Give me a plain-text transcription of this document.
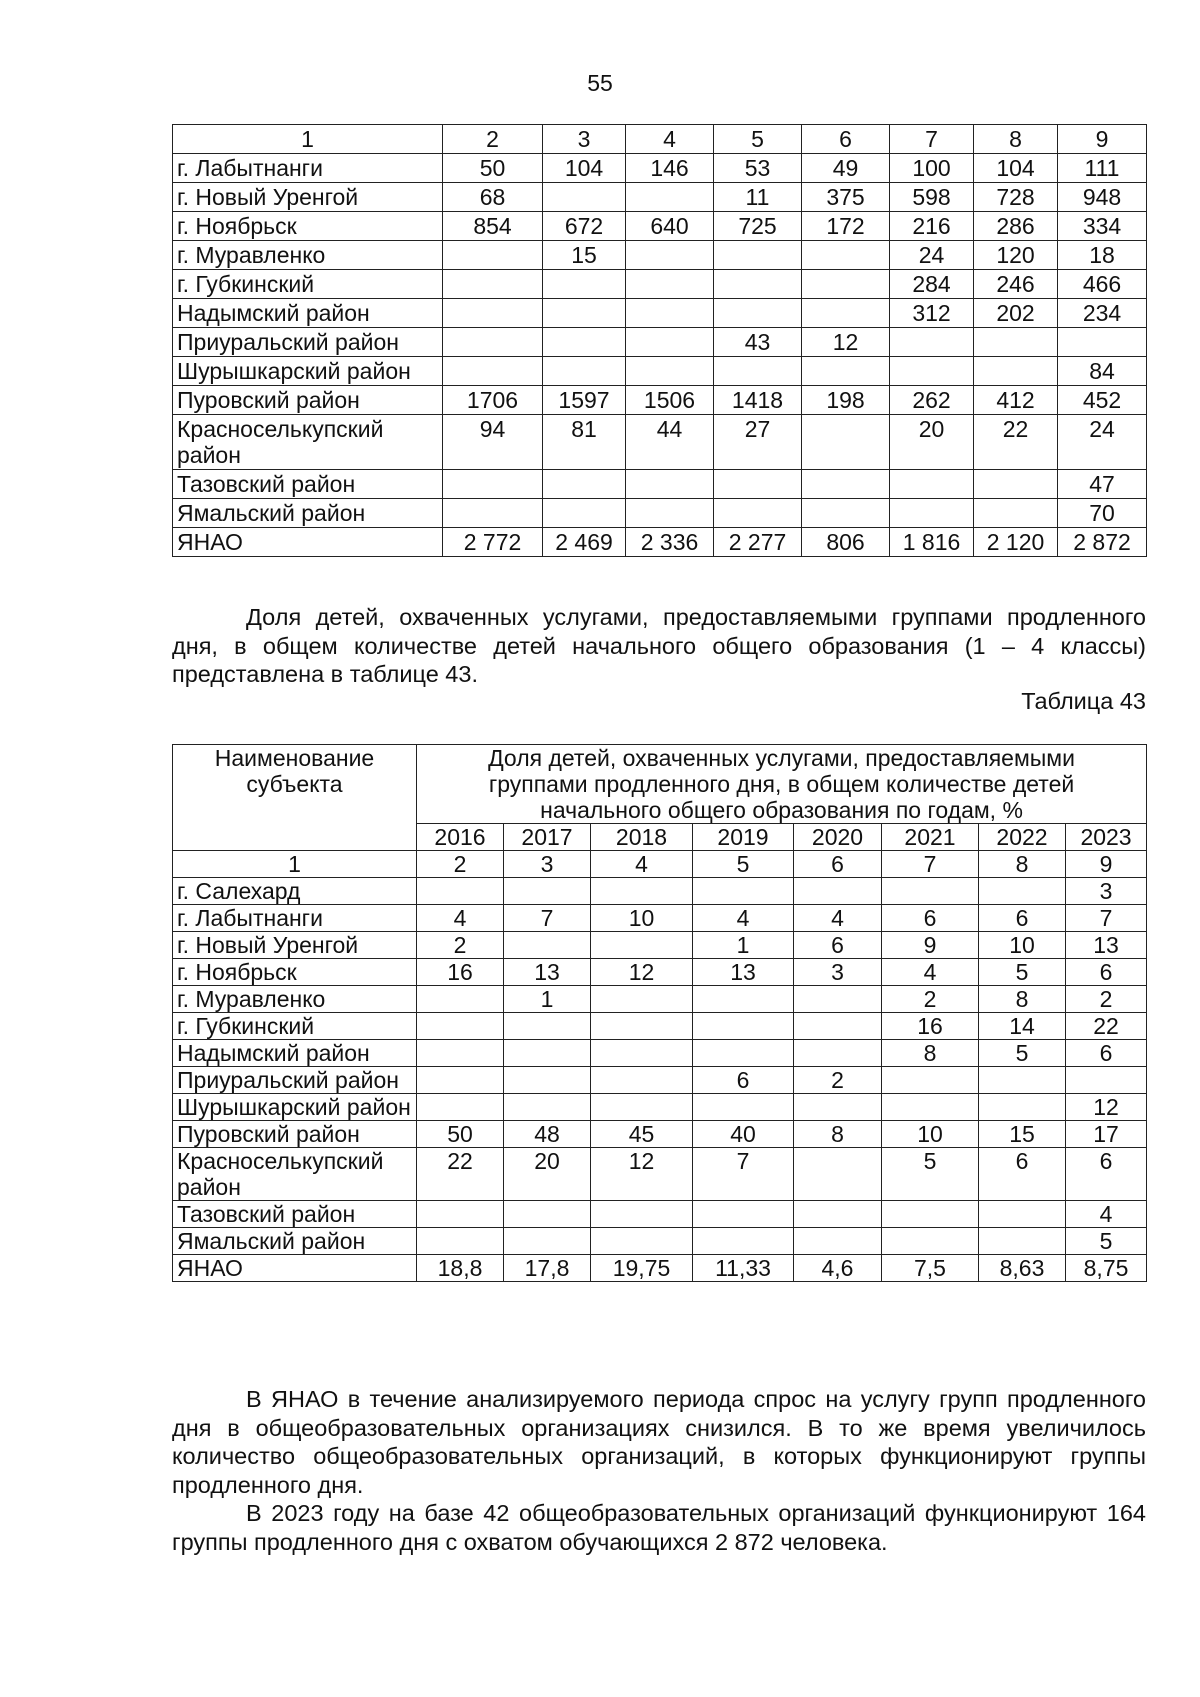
55
1	2	3	4	5	6	7	8	9
г. Лабытнанги	50	104	146	53	49	100	104	111
г. Новый Уренгой	68			11	375	598	728	948
г. Ноябрьск	854	672	640	725	172	216	286	334
г. Муравленко		15				24	120	18
г. Губкинский						284	246	466
Надымский район						312	202	234
Приуральский район				43	12			
Шурышкарский район								84
Пуровский район	1706	1597	1506	1418	198	262	412	452
Красноселькупский район	94	81	44	27		20	22	24
Тазовский район								47
Ямальский район								70
ЯНАО	2 772	2 469	2 336	2 277	806	1 816	2 120	2 872
Доля детей, охваченных услугами, предоставляемыми группами продленного дня, в общем количестве детей начального общего образования (1 – 4 классы) представлена в таблице 43.
Таблица 43
Наименование субъекта	Доля детей, охваченных услугами, предоставляемыми группами продленного дня, в общем количестве детей начального общего образования по годам, %							
	2016	2017	2018	2019	2020	2021	2022	2023
1	2	3	4	5	6	7	8	9
г. Салехард								3
г. Лабытнанги	4	7	10	4	4	6	6	7
г. Новый Уренгой	2			1	6	9	10	13
г. Ноябрьск	16	13	12	13	3	4	5	6
г. Муравленко		1				2	8	2
г. Губкинский						16	14	22
Надымский район						8	5	6
Приуральский район				6	2			
Шурышкарский район								12
Пуровский район	50	48	45	40	8	10	15	17
Красноселькупский район	22	20	12	7		5	6	6
Тазовский район								4
Ямальский район								5
ЯНАО	18,8	17,8	19,75	11,33	4,6	7,5	8,63	8,75
В ЯНАО в течение анализируемого периода спрос на услугу групп продленного дня в общеобразовательных организациях снизился. В то же время увеличилось количество общеобразовательных организаций, в которых функционируют группы продленного дня.
В 2023 году на базе 42 общеобразовательных организаций функционируют 164 группы продленного дня с охватом обучающихся 2 872 человека.
